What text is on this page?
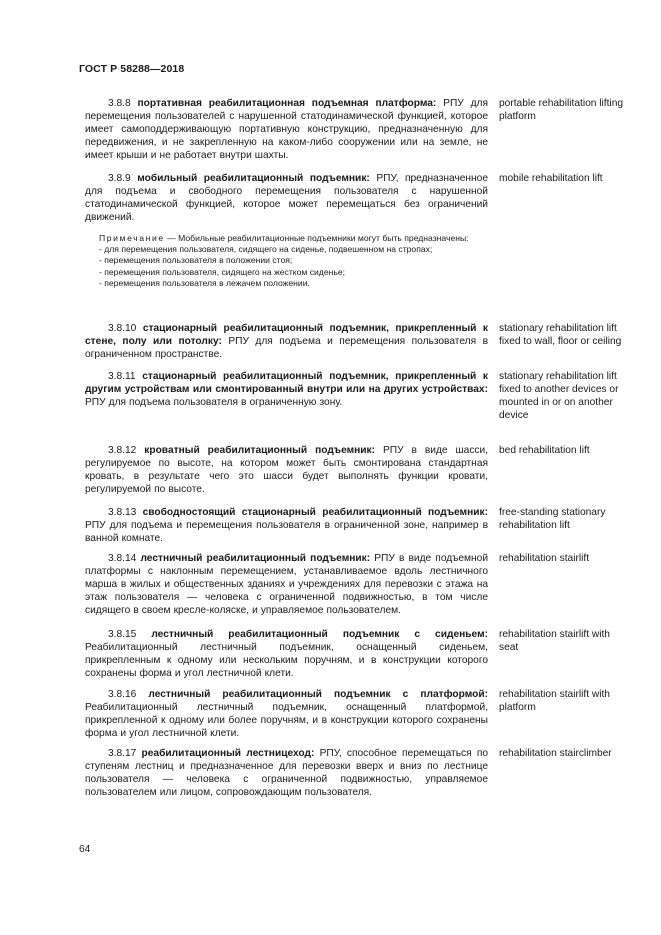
ГОСТ Р 58288—2018
3.8.8 портативная реабилитационная подъемная платформа: РПУ для перемещения пользователей с нарушенной статодинамической функцией, которое имеет самоподдерживающую портативную конструкцию, предназначенную для передвижения, и не закрепленную на каком-либо сооружении или на земле, не имеет крыши и не работает внутри шахты.
portable rehabilitation lifting platform
3.8.9 мобильный реабилитационный подъемник: РПУ, предназначенное для подъема и свободного перемещения пользователя с нарушенной статодинамической функцией, которое может перемещаться без ограничений движений.
mobile rehabilitation lift
Примечание — Мобильные реабилитационные подъемники могут быть предназначены:
- для перемещения пользователя, сидящего на сиденье, подвешенном на стропах;
- перемещения пользователя в положении стоя;
- перемещения пользователя, сидящего на жестком сиденье;
- перемещения пользователя в лежачем положении.
3.8.10 стационарный реабилитационный подъемник, прикрепленный к стене, полу или потолку: РПУ для подъема и перемещения пользователя в ограниченном пространстве.
stationary rehabilitation lift fixed to wall, floor or ceiling
3.8.11 стационарный реабилитационный подъемник, прикрепленный к другим устройствам или смонтированный внутри или на других устройствах: РПУ для подъема пользователя в ограниченную зону.
stationary rehabilitation lift fixed to another devices or mounted in or on another device
3.8.12 кроватный реабилитационный подъемник: РПУ в виде шасси, регулируемое по высоте, на котором может быть смонтирована стандартная кровать, в результате чего это шасси будет выполнять функции кровати, регулируемой по высоте.
bed rehabilitation lift
3.8.13 свободностоящий стационарный реабилитационный подъемник: РПУ для подъема и перемещения пользователя в ограниченной зоне, например в ванной комнате.
free-standing stationary rehabilitation lift
3.8.14 лестничный реабилитационный подъемник: РПУ в виде подъемной платформы с наклонным перемещением, устанавливаемое вдоль лестничного марша в жилых и общественных зданиях и учреждениях для перевозки с этажа на этаж пользователя — человека с ограниченной подвижностью, в том числе сидящего в своем кресле-коляске, и управляемое пользователем.
rehabilitation stairlift
3.8.15 лестничный реабилитационный подъемник с сиденьем: Реабилитационный лестничный подъемник, оснащенный сиденьем, прикрепленным к одному или нескольким поручням, и в конструкции которого сохранены форма и угол лестничной клети.
rehabilitation stairlift with seat
3.8.16 лестничный реабилитационный подъемник с платформой: Реабилитационный лестничный подъемник, оснащенный платформой, прикрепленной к одному или более поручням, и в конструкции которого сохранены форма и угол лестничной клети.
rehabilitation stairlift with platform
3.8.17 реабилитационный лестницеход: РПУ, способное перемещаться по ступеням лестниц и предназначенное для перевозки вверх и вниз по лестнице пользователя — человека с ограниченной подвижностью, управляемое пользователем или лицом, сопровождающим пользователя.
rehabilitation stairclimber
64
